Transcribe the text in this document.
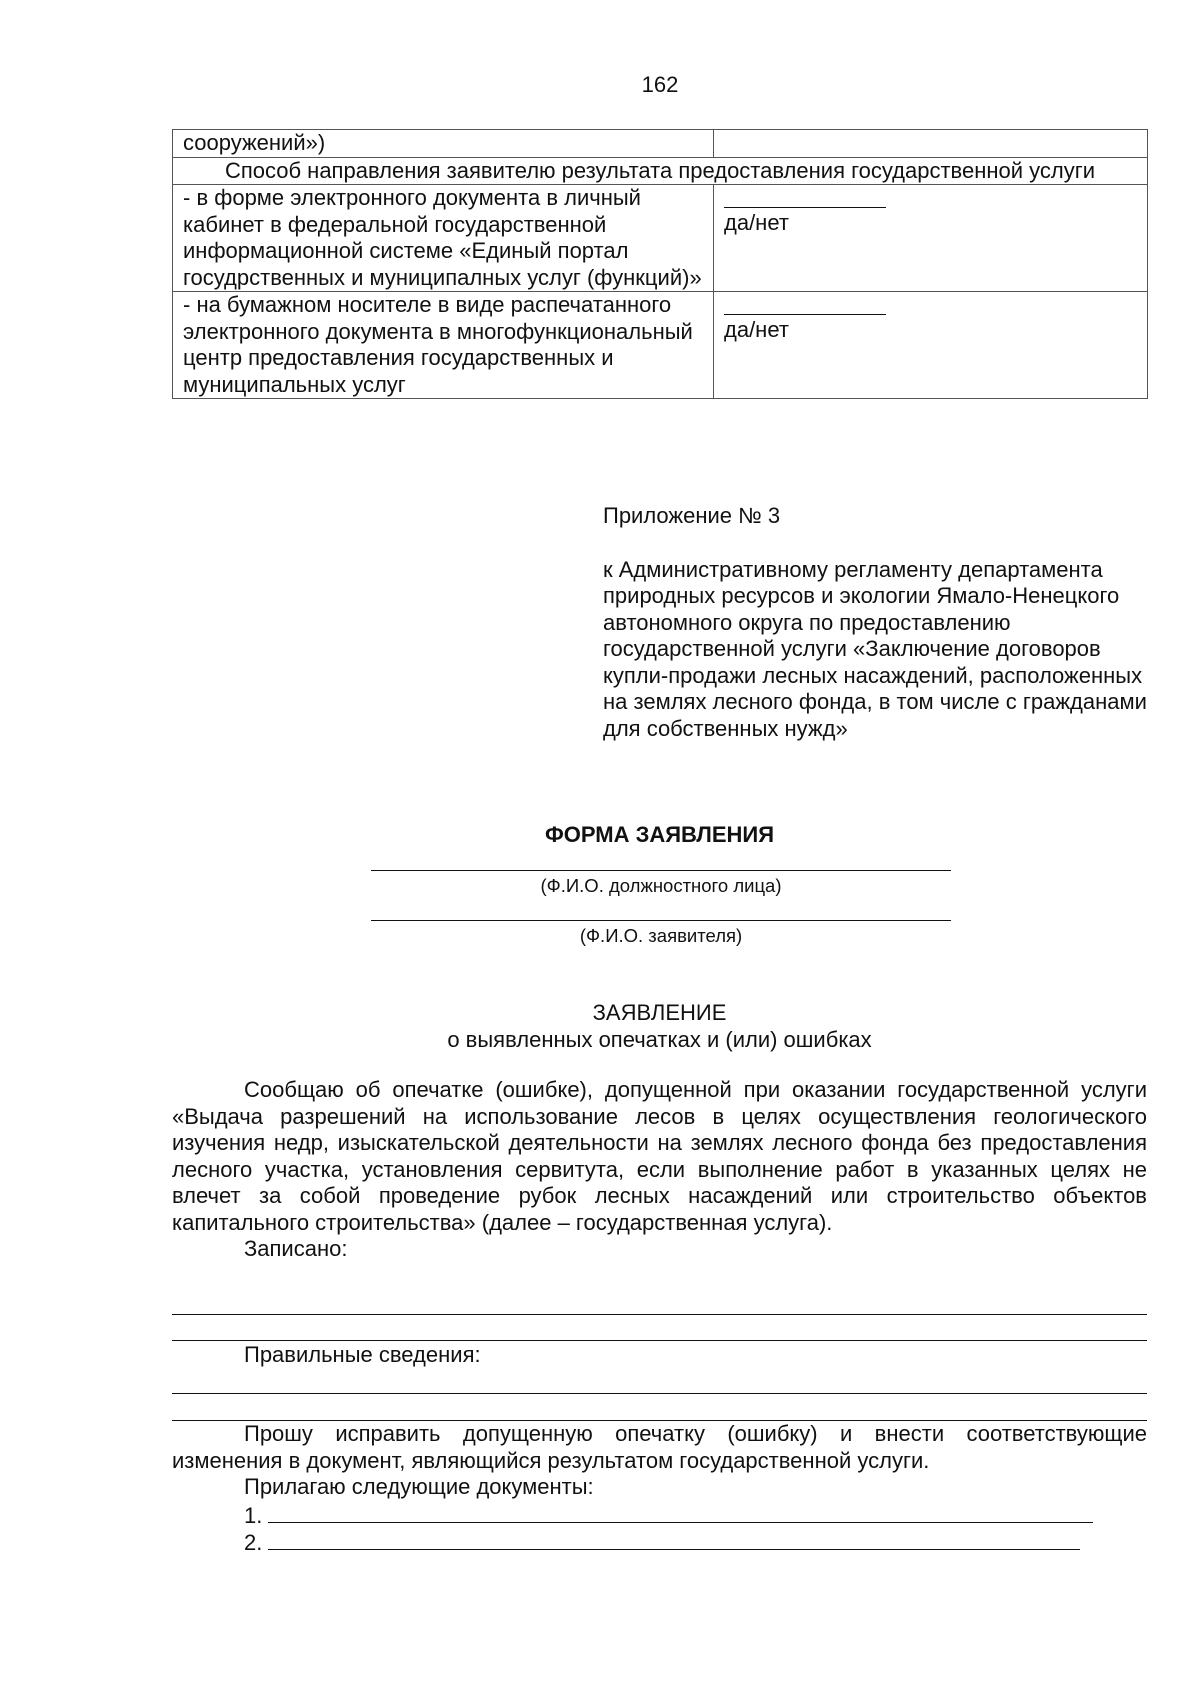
162
сооружений»)	
Способ направления заявителю результата предоставления государственной услуги	
- в форме электронного документа в личный кабинет в федеральной государственной информационной системе «Единый портал госудрственных и муниципалных услуг (функций)»	да/нет

- на бумажном носителе в виде распечатанного электронного документа в многофункциональный центр предоставления государственных и муниципальных услуг	да/нет

Приложение № 3

к Административному регламенту департамента природных ресурсов и экологии Ямало-Ненецкого автономного округа по предоставлению государственной услуги «Заключение договоров купли-продажи лесных насаждений, расположенных на землях лесного фонда, в том числе с гражданами для собственных нужд»

ФОРМА ЗАЯВЛЕНИЯ
(Ф.И.О. должностного лица)
(Ф.И.О. заявителя)
ЗАЯВЛЕНИЕ
о выявленных опечатках и (или) ошибках

Сообщаю об опечатке (ошибке), допущенной при оказании государственной услуги «Выдача разрешений на использование лесов в целях осуществления геологического изучения недр, изыскательской деятельности на землях лесного фонда без предоставления лесного участка, установления сервитута, если выполнение работ в указанных целях не влечет за собой проведение рубок лесных насаждений или строительство объектов капитального строительства» (далее – государственная услуга).

Записано:

Правильные сведения:

Прошу исправить допущенную опечатку (ошибку) и внести соответствующие изменения в документ, являющийся результатом государственной услуги.

Прилагаю следующие документы:

1.
2.
